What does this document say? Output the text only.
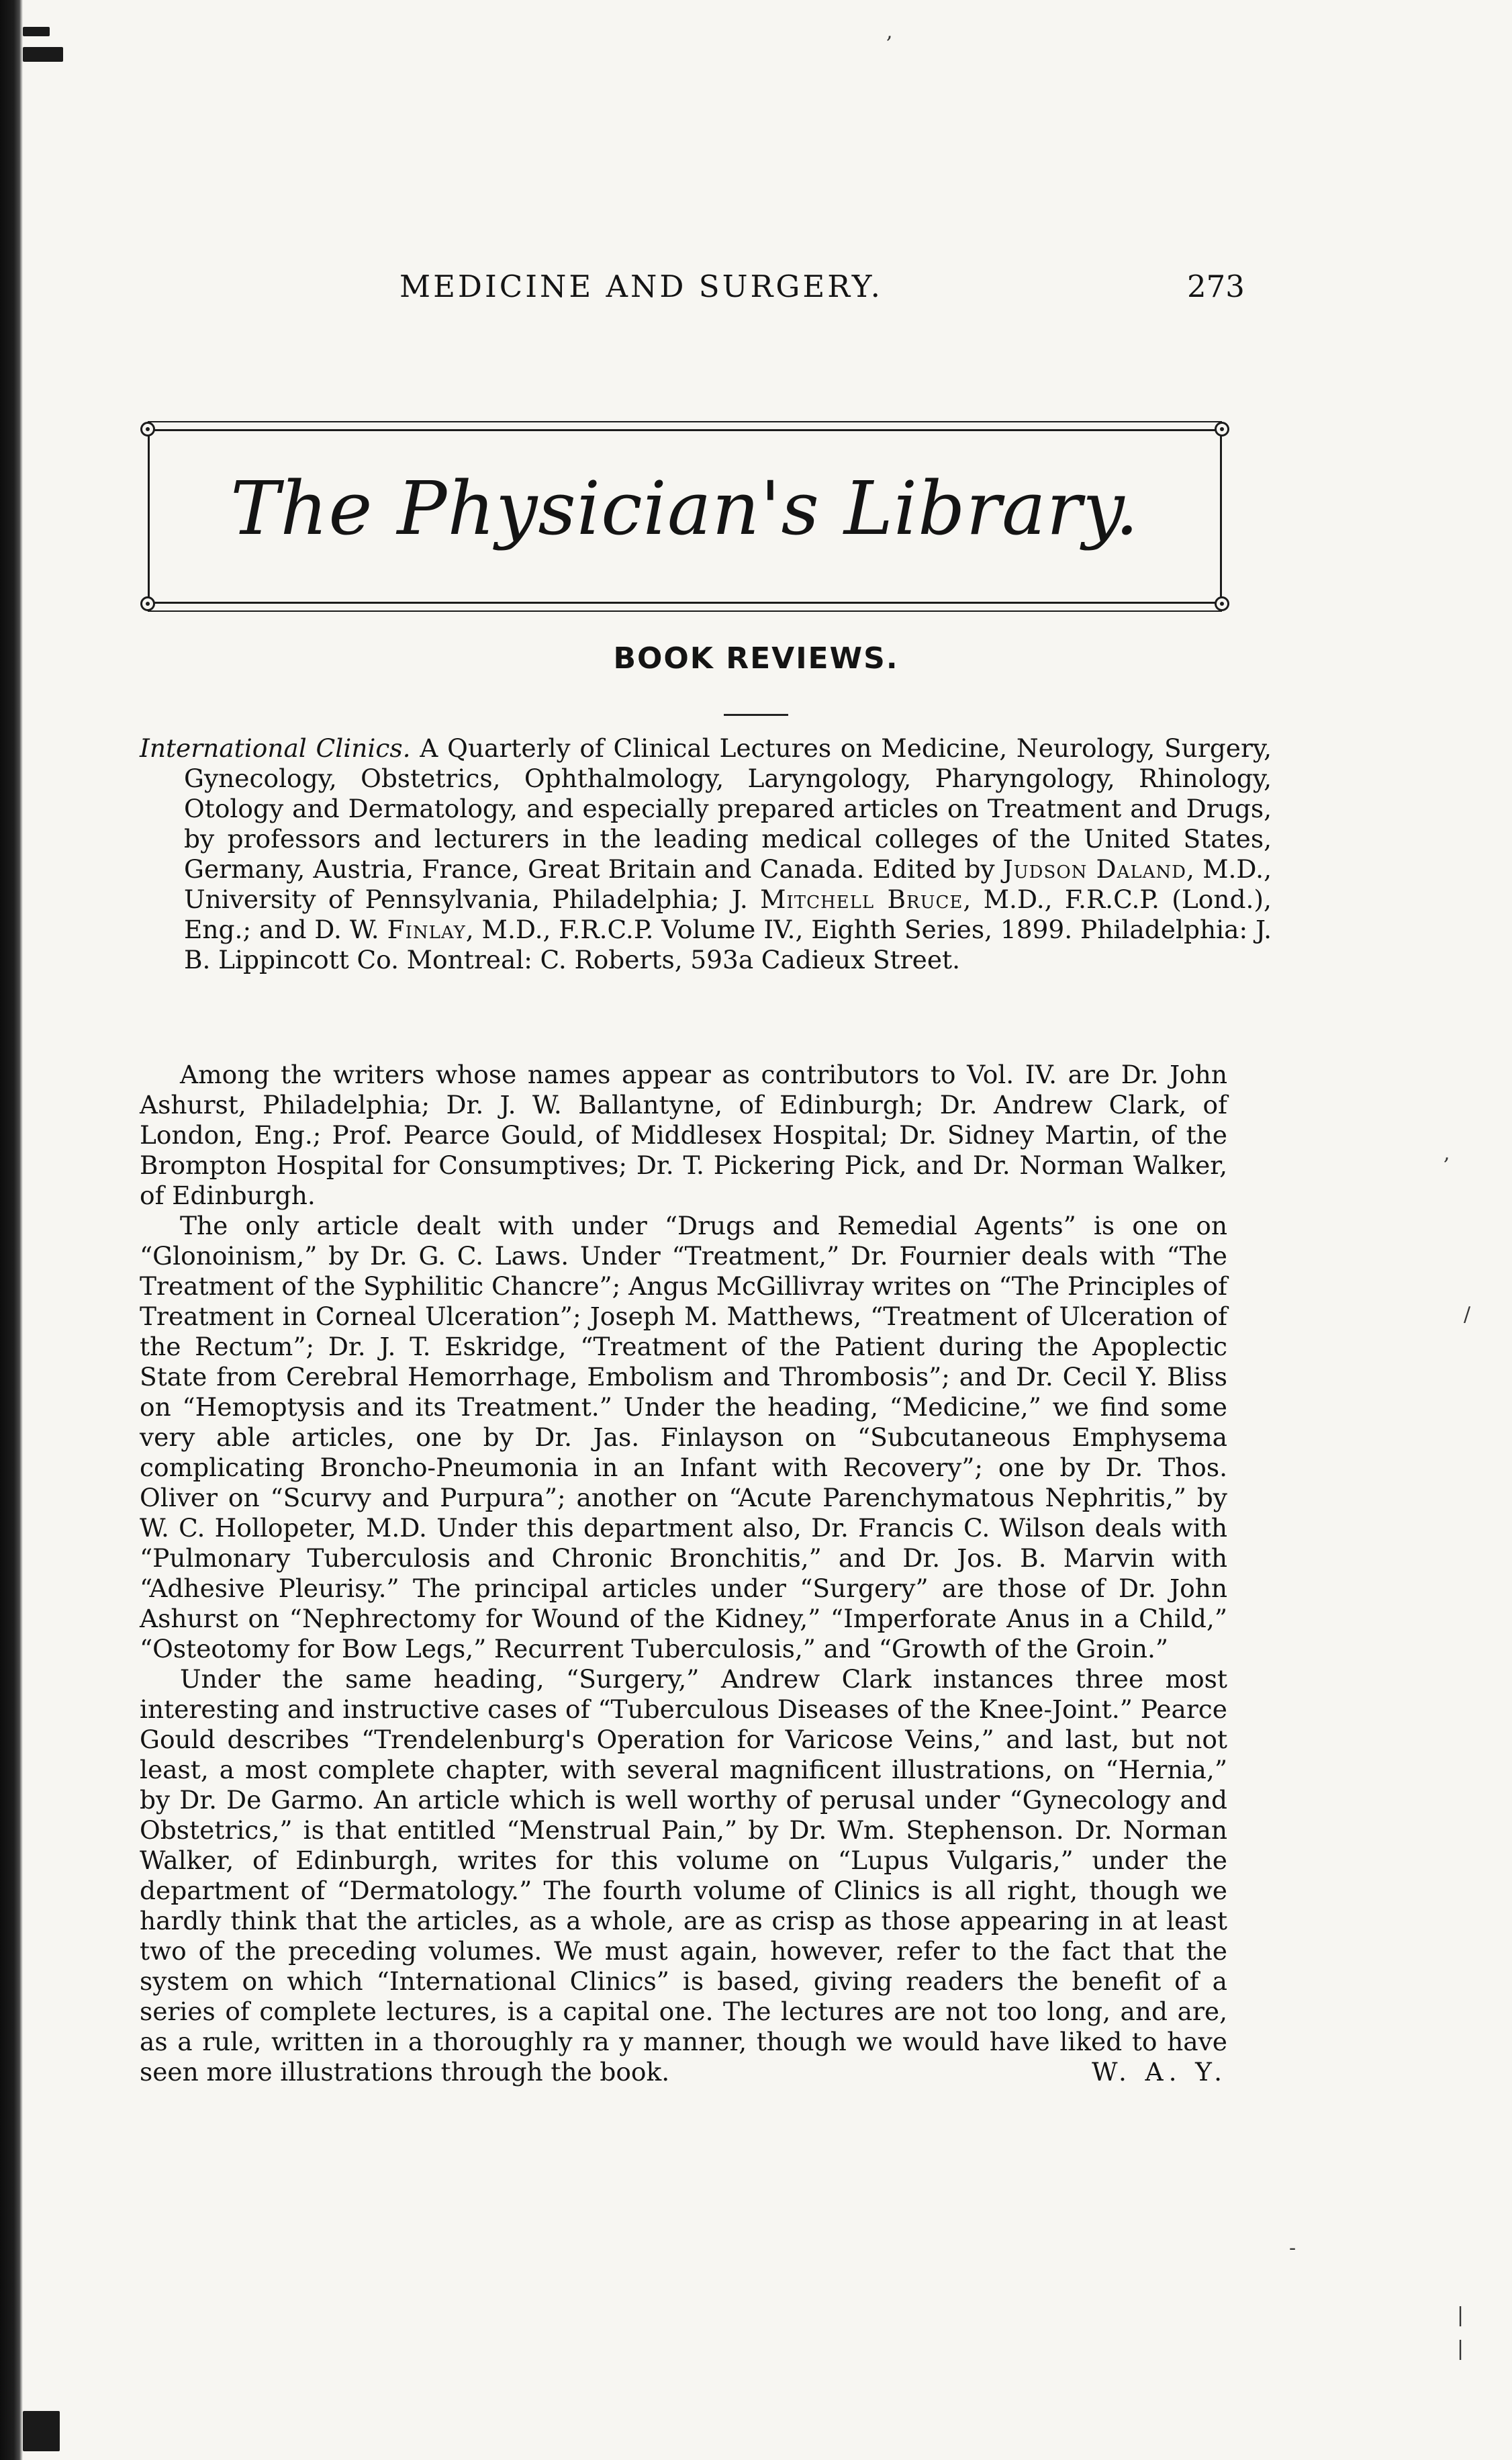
MEDICINE AND SURGERY.	273
The Physician's Library.
BOOK REVIEWS.
International Clinics. A Quarterly of Clinical Lectures on Medicine, Neurology, Surgery, Gynecology, Obstetrics, Ophthalmology, Laryngology, Pharyngology, Rhinology, Otology and Dermatology, and especially prepared articles on Treatment and Drugs, by professors and lecturers in the leading medical colleges of the United States, Germany, Austria, France, Great Britain and Canada. Edited by Judson Daland, M.D., University of Pennsylvania, Philadelphia; J. Mitchell Bruce, M.D., F.R.C.P. (Lond.), Eng.; and D. W. Finlay, M.D., F.R.C.P. Volume IV., Eighth Series, 1899. Philadelphia: J. B. Lippincott Co. Montreal: C. Roberts, 593a Cadieux Street.

Among the writers whose names appear as contributors to Vol. IV. are Dr. John Ashurst, Philadelphia; Dr. J. W. Ballantyne, of Edinburgh; Dr. Andrew Clark, of London, Eng.; Prof. Pearce Gould, of Middlesex Hospital; Dr. Sidney Martin, of the Brompton Hospital for Consumptives; Dr. T. Pickering Pick, and Dr. Norman Walker, of Edinburgh.

The only article dealt with under “Drugs and Remedial Agents” is one on “Glonoinism,” by Dr. G. C. Laws. Under “Treatment,” Dr. Fournier deals with “The Treatment of the Syphilitic Chancre”; Angus McGillivray writes on “The Principles of Treatment in Corneal Ulceration”; Joseph M. Matthews, “Treatment of Ulceration of the Rectum”; Dr. J. T. Eskridge, “Treatment of the Patient during the Apoplectic State from Cerebral Hemorrhage, Embolism and Thrombosis”; and Dr. Cecil Y. Bliss on “Hemoptysis and its Treatment.” Under the heading, “Medicine,” we find some very able articles, one by Dr. Jas. Finlayson on “Subcutaneous Emphysema complicating Broncho-Pneumonia in an Infant with Recovery”; one by Dr. Thos. Oliver on “Scurvy and Purpura”; another on “Acute Parenchymatous Nephritis,” by W. C. Hollopeter, M.D. Under this department also, Dr. Francis C. Wilson deals with “Pulmonary Tuberculosis and Chronic Bronchitis,” and Dr. Jos. B. Marvin with “Adhesive Pleurisy.” The principal articles under “Surgery” are those of Dr. John Ashurst on “Nephrectomy for Wound of the Kidney,” “Imperforate Anus in a Child,” “Osteotomy for Bow Legs,” Recurrent Tuberculosis,” and “Growth of the Groin.”

Under the same heading, “Surgery,” Andrew Clark instances three most interesting and instructive cases of “Tuberculous Diseases of the Knee-Joint.” Pearce Gould describes “Trendelenburg's Operation for Varicose Veins,” and last, but not least, a most complete chapter, with several magnificent illustrations, on “Hernia,” by Dr. De Garmo. An article which is well worthy of perusal under “Gynecology and Obstetrics,” is that entitled “Menstrual Pain,” by Dr. Wm. Stephenson. Dr. Norman Walker, of Edinburgh, writes for this volume on “Lupus Vulgaris,” under the department of “Dermatology.” The fourth volume of Clinics is all right, though we hardly think that the articles, as a whole, are as crisp as those appearing in at least two of the preceding volumes. We must again, however, refer to the fact that the system on which “International Clinics” is based, giving readers the benefit of a series of complete lectures, is a capital one. The lectures are not too long, and are, as a rule, written in a thoroughly ra y manner, though we would have liked to have seen more illustrations through the book.	W. A. Y.

,
,
/
-
|
|
